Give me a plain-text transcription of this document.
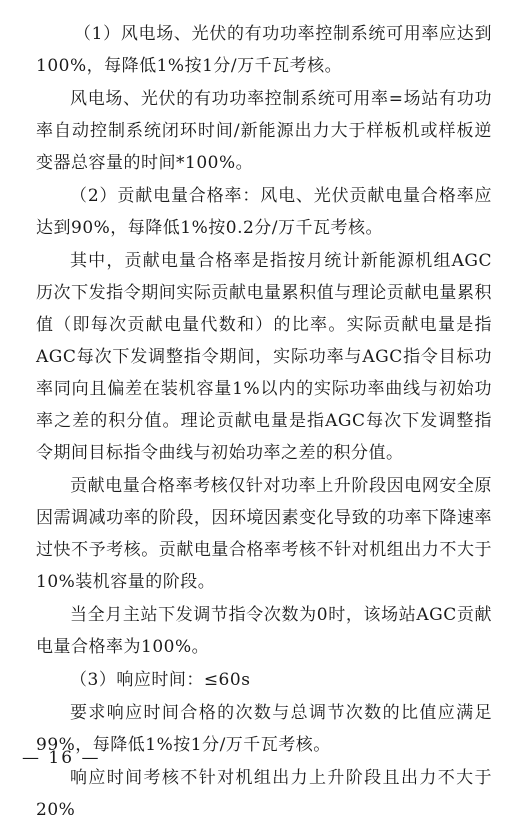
（1）风电场、光伏的有功功率控制系统可用率应达到100%，每降低1%按1分/万千瓦考核。

风电场、光伏的有功功率控制系统可用率=场站有功功率自动控制系统闭环时间/新能源出力大于样板机或样板逆变器总容量的时间*100%。

（2）贡献电量合格率：风电、光伏贡献电量合格率应达到90%，每降低1%按0.2分/万千瓦考核。

其中，贡献电量合格率是指按月统计新能源机组AGC历次下发指令期间实际贡献电量累积值与理论贡献电量累积值（即每次贡献电量代数和）的比率。实际贡献电量是指AGC每次下发调整指令期间，实际功率与AGC指令目标功率同向且偏差在装机容量1%以内的实际功率曲线与初始功率之差的积分值。理论贡献电量是指AGC每次下发调整指令期间目标指令曲线与初始功率之差的积分值。

贡献电量合格率考核仅针对功率上升阶段因电网安全原因需调减功率的阶段，因环境因素变化导致的功率下降速率过快不予考核。贡献电量合格率考核不针对机组出力不大于10%装机容量的阶段。

当全月主站下发调节指令次数为0时，该场站AGC贡献电量合格率为100%。

（3）响应时间：≤60s

要求响应时间合格的次数与总调节次数的比值应满足99%，每降低1%按1分/万千瓦考核。

响应时间考核不针对机组出力上升阶段且出力不大于20%

— 16 —
